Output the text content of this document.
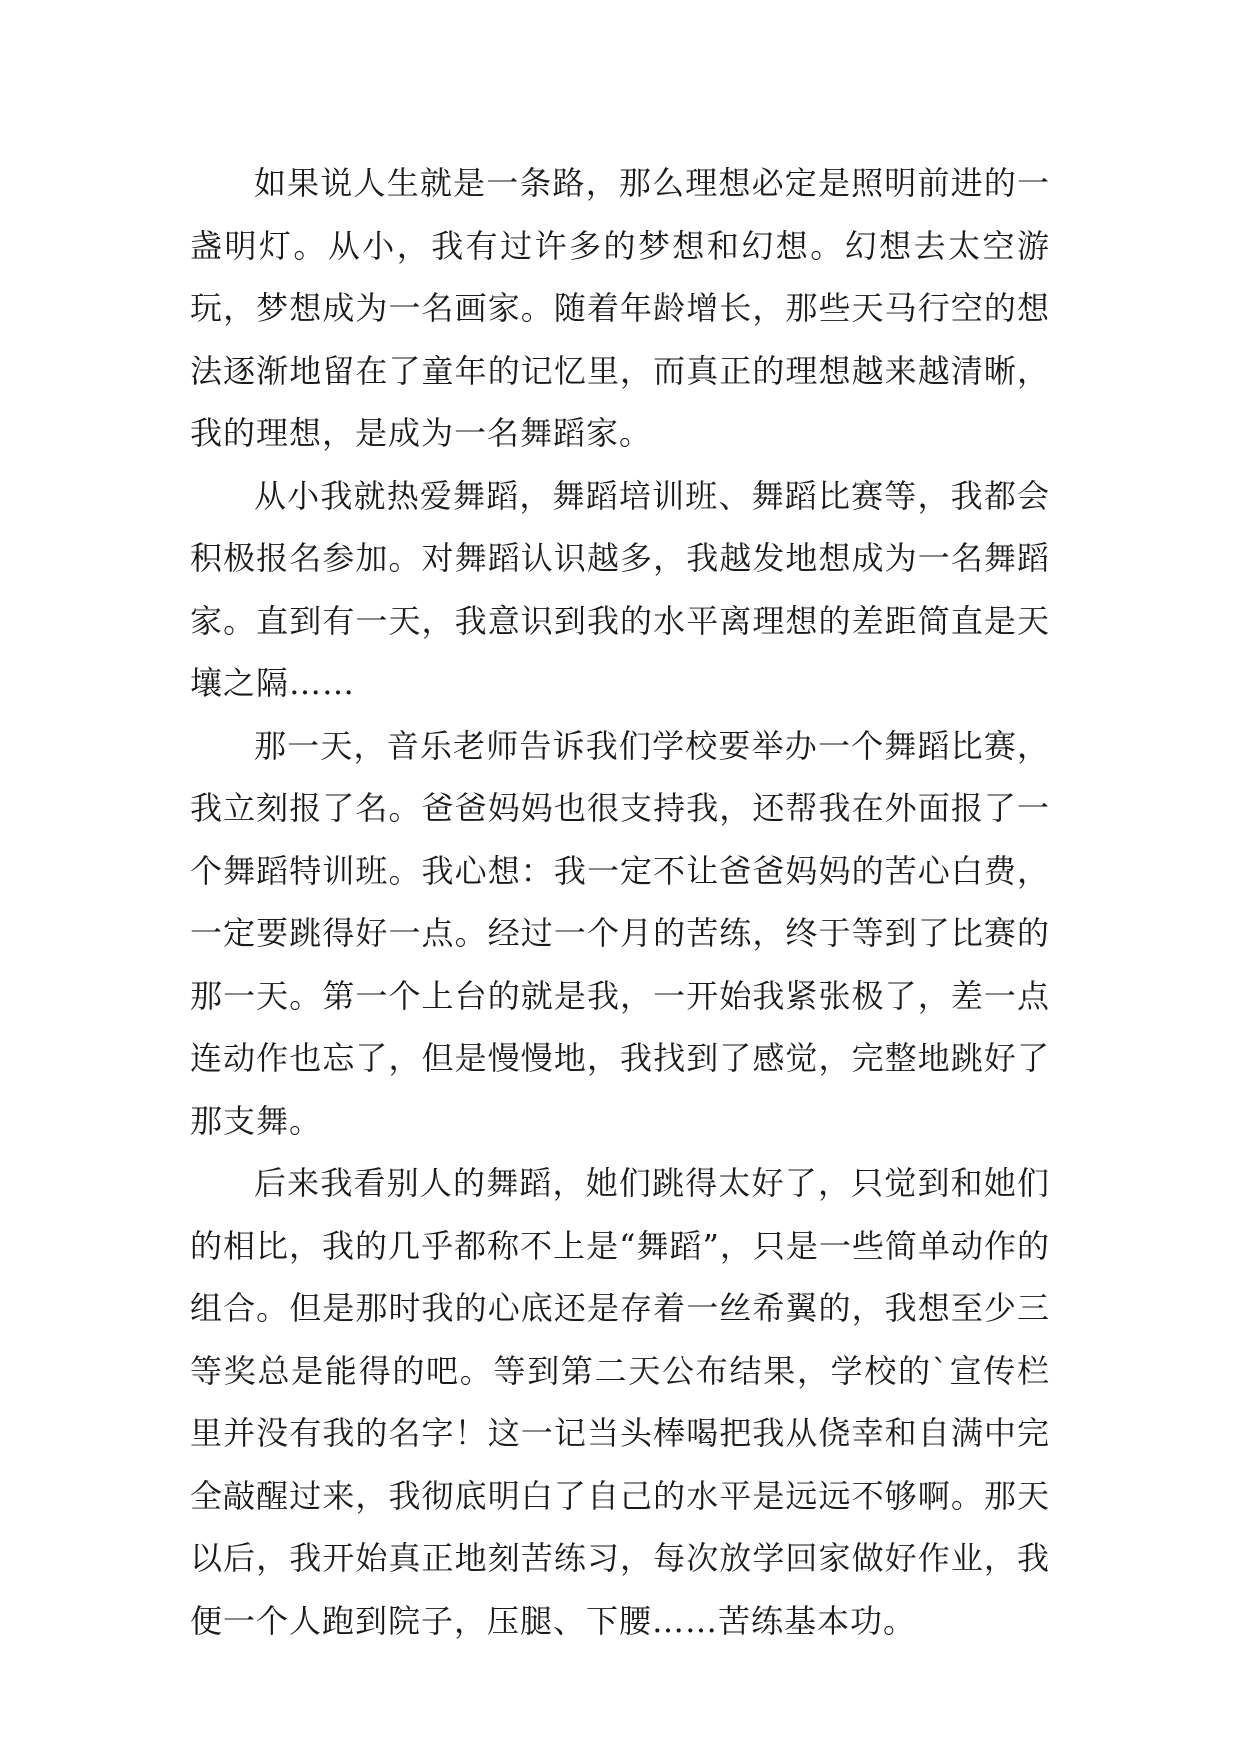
如果说人生就是一条路，那么理想必定是照明前进的一盏明灯。从小，我有过许多的梦想和幻想。幻想去太空游玩，梦想成为一名画家。随着年龄增长，那些天马行空的想法逐渐地留在了童年的记忆里，而真正的理想越来越清晰，我的理想，是成为一名舞蹈家。

从小我就热爱舞蹈，舞蹈培训班、舞蹈比赛等，我都会积极报名参加。对舞蹈认识越多，我越发地想成为一名舞蹈家。直到有一天，我意识到我的水平离理想的差距简直是天壤之隔……

那一天，音乐老师告诉我们学校要举办一个舞蹈比赛，我立刻报了名。爸爸妈妈也很支持我，还帮我在外面报了一个舞蹈特训班。我心想：我一定不让爸爸妈妈的苦心白费，一定要跳得好一点。经过一个月的苦练，终于等到了比赛的那一天。第一个上台的就是我，一开始我紧张极了，差一点连动作也忘了，但是慢慢地，我找到了感觉，完整地跳好了那支舞。

后来我看别人的舞蹈，她们跳得太好了，只觉到和她们的相比，我的几乎都称不上是“舞蹈”，只是一些简单动作的组合。但是那时我的心底还是存着一丝希翼的，我想至少三等奖总是能得的吧。等到第二天公布结果，学校的`宣传栏里并没有我的名字！这一记当头棒喝把我从侥幸和自满中完全敲醒过来，我彻底明白了自己的水平是远远不够啊。那天以后，我开始真正地刻苦练习，每次放学回家做好作业，我便一个人跑到院子，压腿、下腰……苦练基本功。
